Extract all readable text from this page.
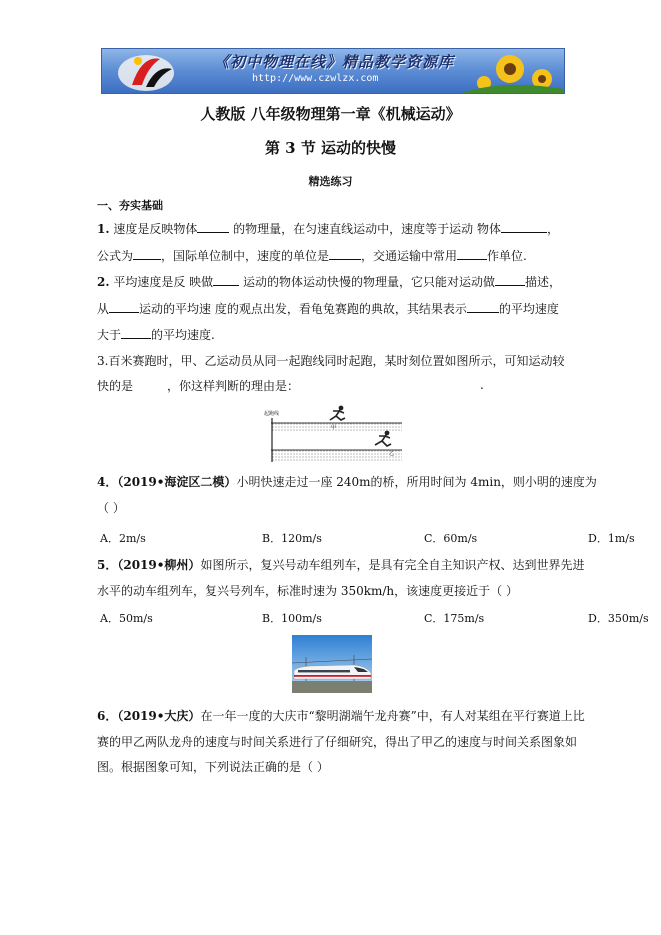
《初中物理在线》精品教学资源库
http://www.czwlzx.com
人教版 八年级物理第一章《机械运动》
第 3 节 运动的快慢
精选练习
一、夯实基础
1. 速度是反映物体	的物理量，在匀速直线运动中，速度等于运动 物体	，
公式为 ，国际单位制中，速度的单位是	，交通运输中常用	作单位.
2. 平均速度是反 映做 运动的物体运动快慢的物理量，它只能对运动做	描述，
从	运动的平均速 度的观点出发，看龟兔赛跑的典故，其结果表示	的平均速度
大于	的平均速度.
3.百米赛跑时，甲、乙运动员从同一起跑线同时起跑，某时刻位置如图所示，可知运动较
快的是	，你这样判断的理由是：	.
起跑线
甲
乙
4．（2019•海淀区二模）小明快速走过一座 240m的桥，所用时间为 4min，则小明的速度为
（ ）
A．2m/s	B．120m/s	C．60m/s	D．1m/s
5．（2019•柳州）如图所示，复兴号动车组列车，是具有完全自主知识产权、达到世界先进
水平的动车组列车，复兴号列车，标准时速为 350km/h，该速度更接近于（ ）
A．50m/s	B．100m/s	C．175m/s	D．350m/s
6．（2019•大庆）在一年一度的大庆市“黎明湖端午龙舟赛”中，有人对某组在平行赛道上比
赛的甲乙两队龙舟的速度与时间关系进行了仔细研究，得出了甲乙的速度与时间关系图象如
图。根据图象可知，下列说法正确的是（ ）
